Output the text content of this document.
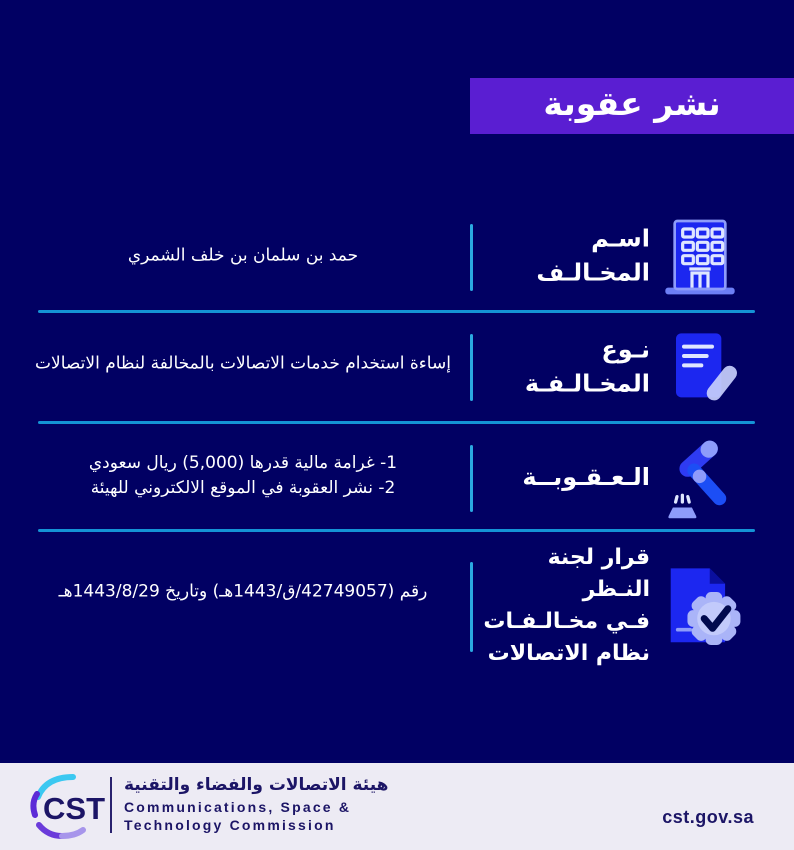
نشر عقوبة
اسـم المخـالـف
حمد بن سلمان بن خلف الشمري
نـوع المخـالـفـة
إساءة استخدام خدمات الاتصالات بالمخالفة لنظام الاتصالات
الـعـقـوبــة
1- غرامة مالية قدرها (5,000) ريال سعودي
2- نشر العقوبة في الموقع الالكتروني للهيئة
قرار لجنة النـظر
فـي مخـالـفـات
نظام الاتصالات
رقم (42749057/ق/1443هـ) وتاريخ 1443/8/29هـ
CST
هيئة الاتصالات والفضاء والتقنية
Communications, Space &
Technology Commission	cst.gov.sa
